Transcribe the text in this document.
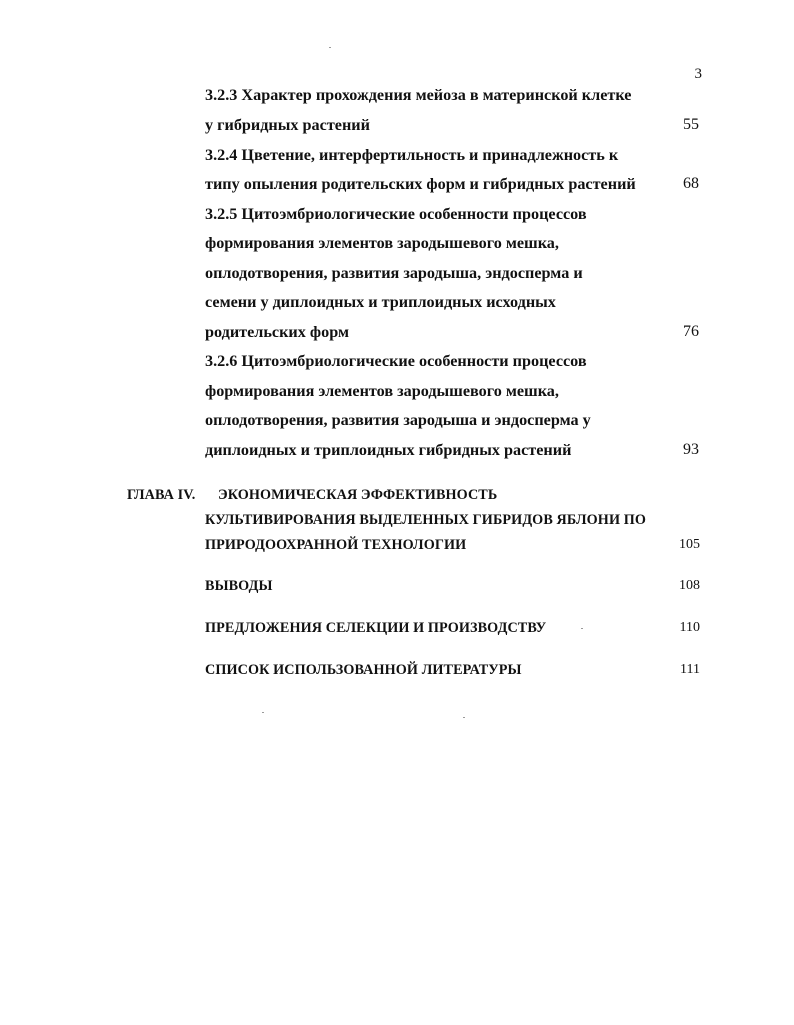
3
3.2.3 Характер прохождения мейоза в материнской клетке
у гибридных растений	55
3.2.4 Цветение, интерфертильность и принадлежность к
типу опыления родительских форм и гибридных растений	68
3.2.5 Цитоэмбриологические особенности процессов
формирования элементов зародышевого мешка,
оплодотворения, развития зародыша, эндосперма и
семени у диплоидных и триплоидных исходных
родительских форм	76
3.2.6 Цитоэмбриологические особенности процессов
формирования элементов зародышевого мешка,
оплодотворения, развития зародыша и эндосперма у
диплоидных и триплоидных гибридных растений	93
ГЛАВА IV. ЭКОНОМИЧЕСКАЯ ЭФФЕКТИВНОСТЬ
КУЛЬТИВИРОВАНИЯ ВЫДЕЛЕННЫХ ГИБРИДОВ ЯБЛОНИ ПО
ПРИРОДООХРАННОЙ ТЕХНОЛОГИИ	105
ВЫВОДЫ	108
ПРЕДЛОЖЕНИЯ СЕЛЕКЦИИ И ПРОИЗВОДСТВУ	110
СПИСОК ИСПОЛЬЗОВАННОЙ ЛИТЕРАТУРЫ	111
